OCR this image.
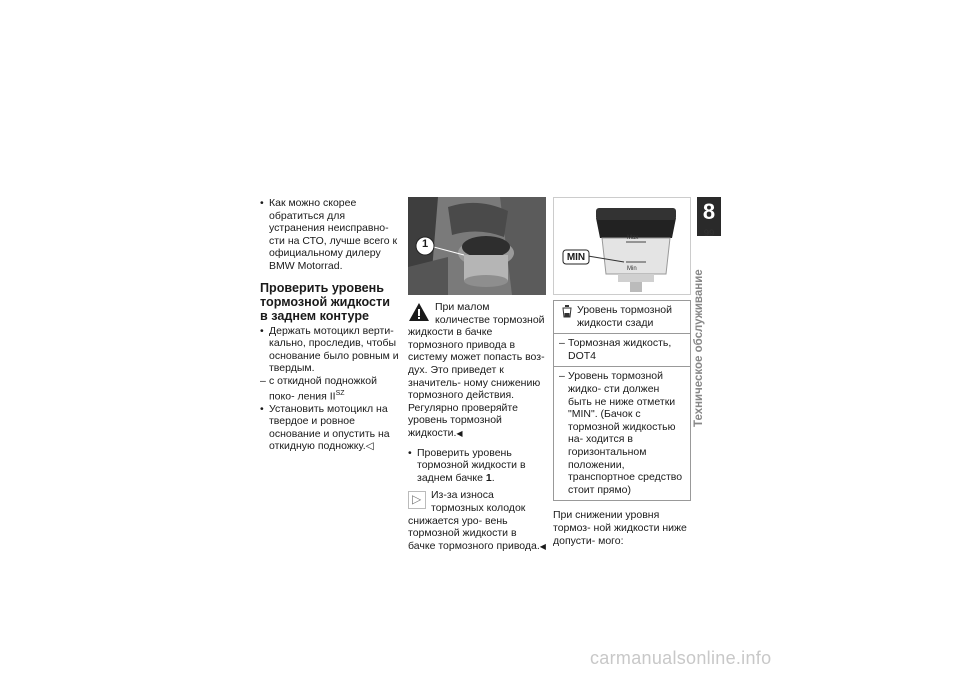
• Как можно скорее обратиться для устранения неисправно- сти на СТО, лучше всего к официальному дилеру BMW Motorrad.

Проверить уровень тормозной жидкости в заднем контуре

• Держать мотоцикл верти- кально, проследив, чтобы основание было ровным и твердым.

– с откидной подножкой поко- ления $II^{SZ}$

• Установить мотоцикл на твердое и ровное основание и опустить на откидную подножку.◁

1
При малом количестве тормозной жидкости в бачке тормозного привода в систему может попасть воз- дух. Это приведет к значитель- ному снижению тормозного действия.
Регулярно проверяйте уровень тормозной жидкости.◀

• Проверить уровень тормозной жидкости в заднем бачке 1.

▷ Из-за износа тормозных колодок снижается уро- вень тормозной жидкости в бачке тормозного привода.◀
MIN
Max
Min
Уровень тормозной жидкости сзади

– Тормозная жидкость, DOT4

– Уровень тормозной жидко- сти должен быть не ниже отметки "MIN". (Бачок с тормозной жидкостью на- ходится в горизонтальном положении, транспортное средство стоит прямо)

При снижении уровня тормоз- ной жидкости ниже допусти- мого:
8
99
Техническое обслуживание
carmanualsonline.info
